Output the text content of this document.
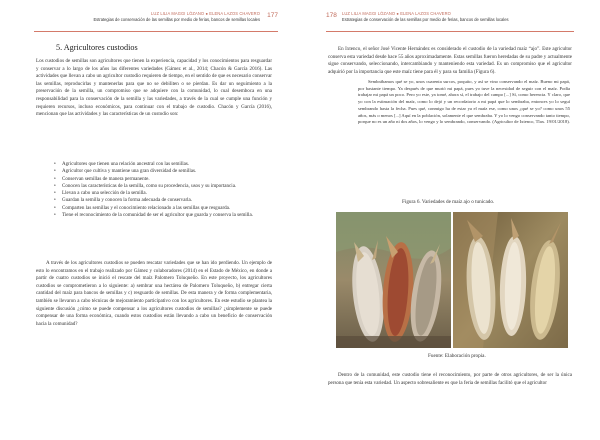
LUZ LILIA MAGGI LÓZANO ● ELENA LAZOS CHAVERO
Estrategias de conservación de las semillas por medio de ferias, bancos de semillas locales
177
5. Agricultores custodios

Los custodios de semillas son agricultores que tienen la experiencia, capacidad y los conocimientos para resguardar y conservar a lo largo de los años las diferentes variedades (Gámez et al., 2014; Chacón & García 2016). Las actividades que llevan a cabo un agricultor custodio requieren de tiempo, en el sentido de que es necesario conservar las semillas, reproducirlas y mantenerlas para que no se debiliten o se pierdan. Es dar un seguimiento a la preservación de la semilla, un compromiso que se adquiere con la comunidad, lo cual desemboca en una responsabilidad para la conservación de la semilla y las variedades, a través de la cual se cumple una función y requieren recursos, incluso económicos, para continuar con el trabajo de custodio. Chacón y García (2016), mencionan que las actividades y las características de un custodio son:

• Agricultores que tienen una relación ancestral con las semillas.
• Agricultor que cultiva y mantiene una gran diversidad de semillas.
• Conservan semillas de manera permanente.
• Conocen las características de la semilla, como su procedencia, usos y su importancia.
• Llevan a cabo una selección de la semilla.
• Guardan la semilla y conocen la forma adecuada de conservarla.
• Comparten las semillas y el conocimiento relacionado a las semillas que resguarda.
• Tiene el reconocimiento de la comunidad de ser el agricultor que guarda y conserva la semilla.

A través de los agricultores custodios se pueden rescatar variedades que se han ido perdiendo. Un ejemplo de esto lo encontramos en el trabajo realizado por Gámez y colaboradores (2014) en el Estado de México, en donde a partir de cuatro custodios se inició el rescate del maíz Palomero Toluqueño. En este proyecto, los agricultores custodios se comprometieron a lo siguiente: a) sembrar una hectárea de Palomero Toluqueño, b) entregar cierta cantidad del maíz para bancos de semillas y c) resguardo de semillas. De esta manera y de forma complementaria, también se llevaron a cabo técnicas de mejoramiento participativo con los agricultores. En este estudio se plantea la siguiente discusión ¿cómo se puede compensar a los agricultores custodios de semillas? ¿simplemente se puede compensar de una forma económica, cuando estos custodios están llevando a cabo un beneficio de conservación hacia la comunidad?

178 LUZ LILIA MAGGI LÓZANO ● ELENA LAZOS CHAVERO
Estrategias de conservación de las semillas por medio de ferias, bancos de semillas locales

En Ixtenco, el señor José Vicente Hernández es considerado el custodio de la variedad maíz “ajo”. Este agricultor conserva esta variedad desde hace 55 años aproximadamente. Estas semillas fueron heredadas de su padre y actualmente sigue conservando, seleccionando, intercambiando y manteniendo esta variedad. Es un compromiso que el agricultor adquirió por la importancia que este maíz tiene para él y para su familia (Figura 6).

Sembrábamos qué se yo, unos cuarenta surcos, poquito, y así se vino conservando el maíz. Bueno mi papá, por bastante tiempo. Ya después de que murió mi papá, pues yo tuve la necesidad de seguir con el maíz. Podía trabajar mi papá un poco. Pero yo este, ya tomé, ahora sí, el trabajo del campo [...] Sí, como herencia. Y claro, que yo con la estimación del maíz, como lo dejó y un recordatorio a mi papá que lo sembraba, entonces yo lo seguí sembrando hasta la fecha. Pues qué, conmigo ha de estar ya el maíz ese, como unos ¿qué se yo? como unos 55 años, más o menos [...] Aquí en la población, solamente el que sembraba. Y yo lo vengo conservando tanto tiempo, porque no es un año ni dos años, lo vengo y lo sembrando, conservando. (Agricultor de Ixtenco, Tlax. 19/01/2018).

Figura 6. Variedades de maíz ajo o tunicado.
Fuente: Elaboración propia.

Dentro de la comunidad, este custodio tiene el reconocimiento, por parte de otros agricultores, de ser la única persona que tenía esta variedad. Un aspecto sobresaliente es que la feria de semillas facilitó que el agricultor
